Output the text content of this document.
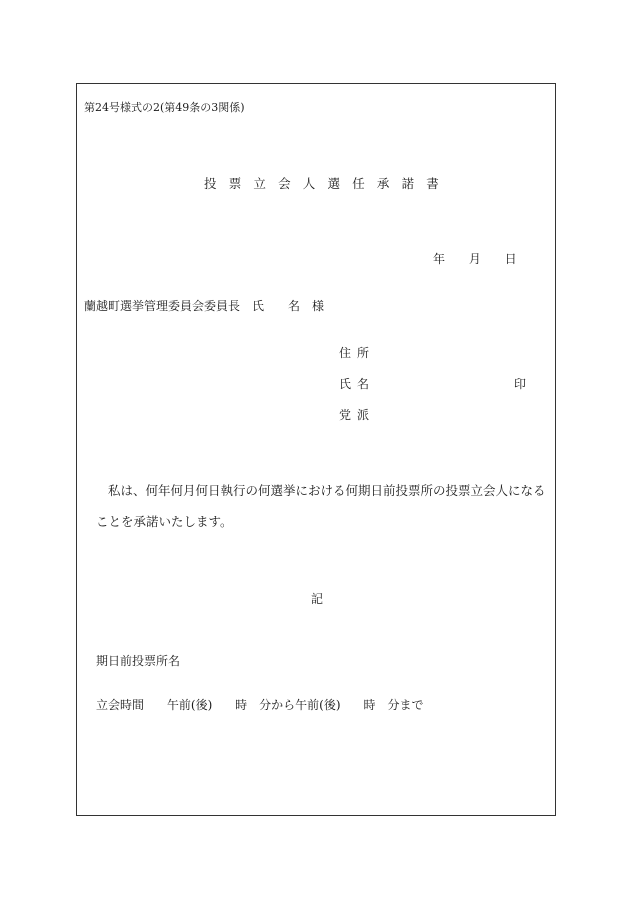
第24号様式の2(第49条の3関係)
投票立会人選任承諾書
年 月 日
蘭越町選挙管理委員会委員長　氏　　名　様
住所
氏名	印
党派
私は、何年何月何日執行の何選挙における何期日前投票所の投票立会人になる
ことを承諾いたします。
記
期日前投票所名
立会時間 午前(後) 時　分から午前(後) 時　分まで
